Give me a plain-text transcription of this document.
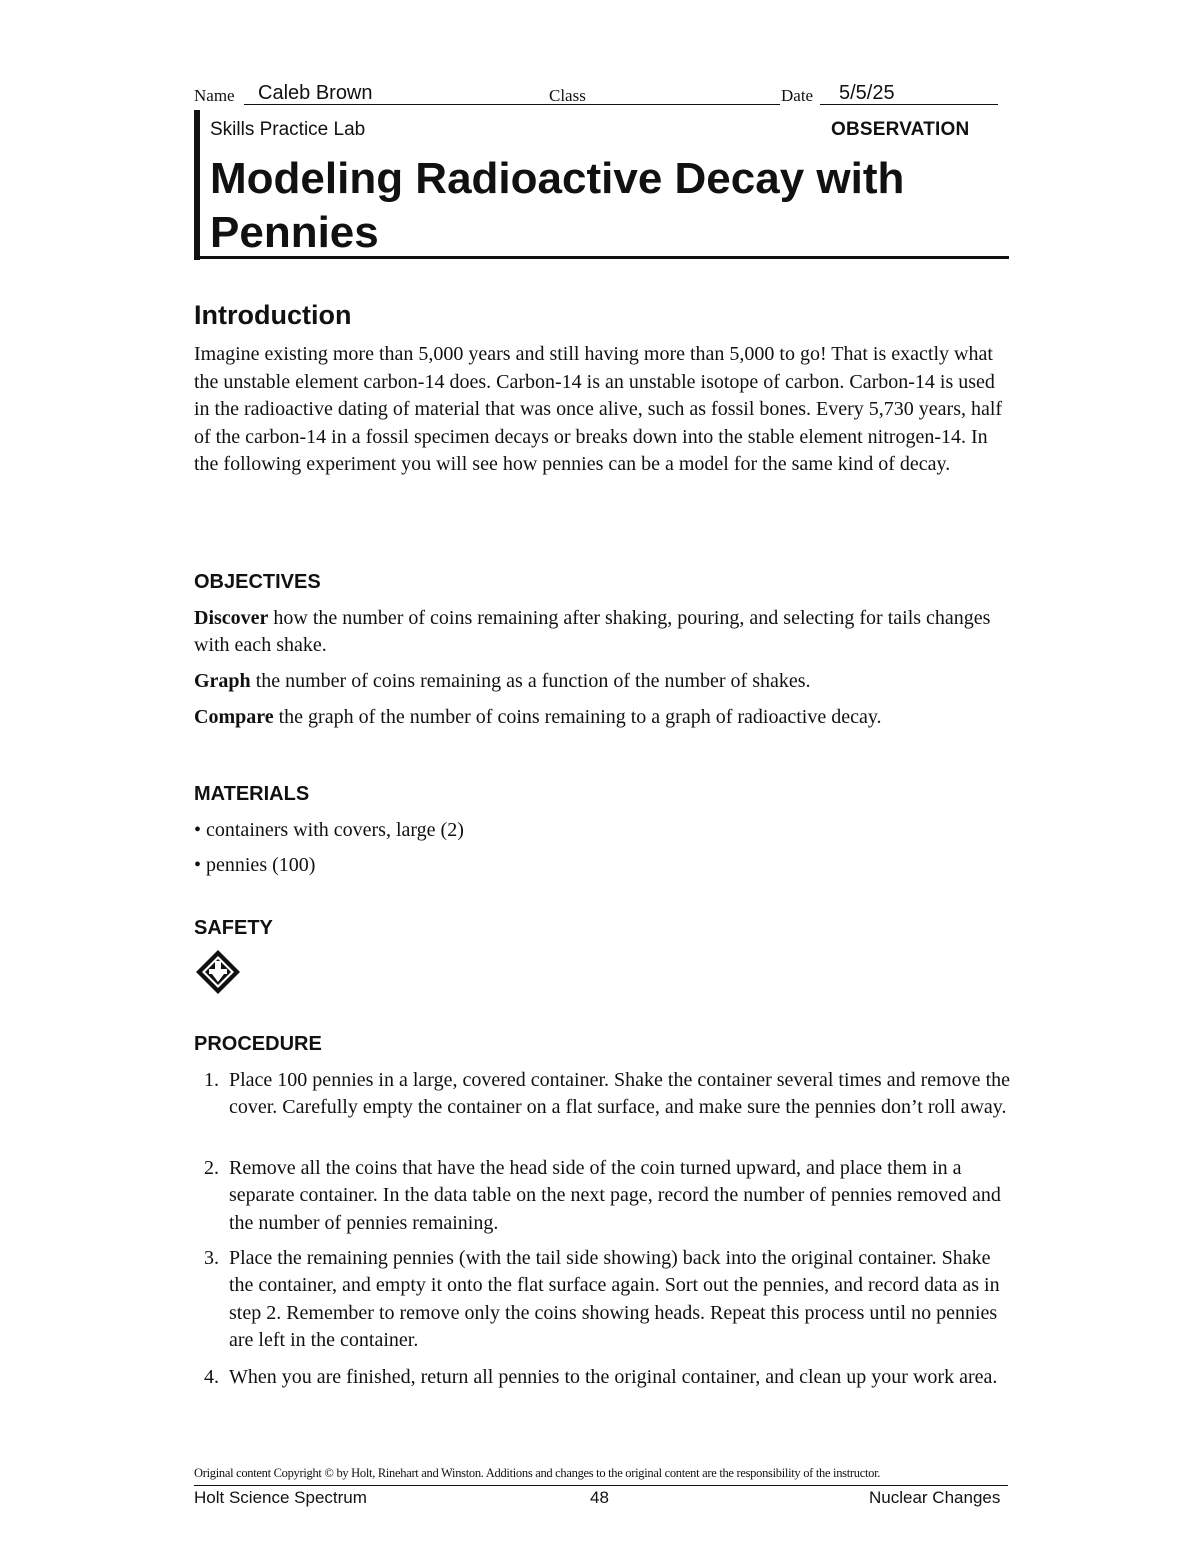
Name Caleb Brown	Class	Date 5/5/25
Skills Practice Lab	OBSERVATION
Modeling Radioactive Decay with Pennies
Introduction
Imagine existing more than 5,000 years and still having more than 5,000 to go! That is exactly what the unstable element carbon-14 does. Carbon-14 is an unstable isotope of carbon. Carbon-14 is used in the radioactive dating of material that was once alive, such as fossil bones. Every 5,730 years, half of the carbon-14 in a fossil specimen decays or breaks down into the stable element nitrogen-14. In the following experiment you will see how pennies can be a model for the same kind of decay.
OBJECTIVES
Discover how the number of coins remaining after shaking, pouring, and selecting for tails changes with each shake.
Graph the number of coins remaining as a function of the number of shakes.
Compare the graph of the number of coins remaining to a graph of radioactive decay.
MATERIALS
• containers with covers, large (2)
• pennies (100)
SAFETY
PROCEDURE
1. Place 100 pennies in a large, covered container. Shake the container several times and remove the cover. Carefully empty the container on a flat surface, and make sure the pennies don’t roll away.
2. Remove all the coins that have the head side of the coin turned upward, and place them in a separate container. In the data table on the next page, record the number of pennies removed and the number of pennies remaining.
3. Place the remaining pennies (with the tail side showing) back into the original container. Shake the container, and empty it onto the flat surface again. Sort out the pennies, and record data as in step 2. Remember to remove only the coins showing heads. Repeat this process until no pennies are left in the container.
4. When you are finished, return all pennies to the original container, and clean up your work area.
Original content Copyright © by Holt, Rinehart and Winston. Additions and changes to the original content are the responsibility of the instructor.
Holt Science Spectrum	48	Nuclear Changes
